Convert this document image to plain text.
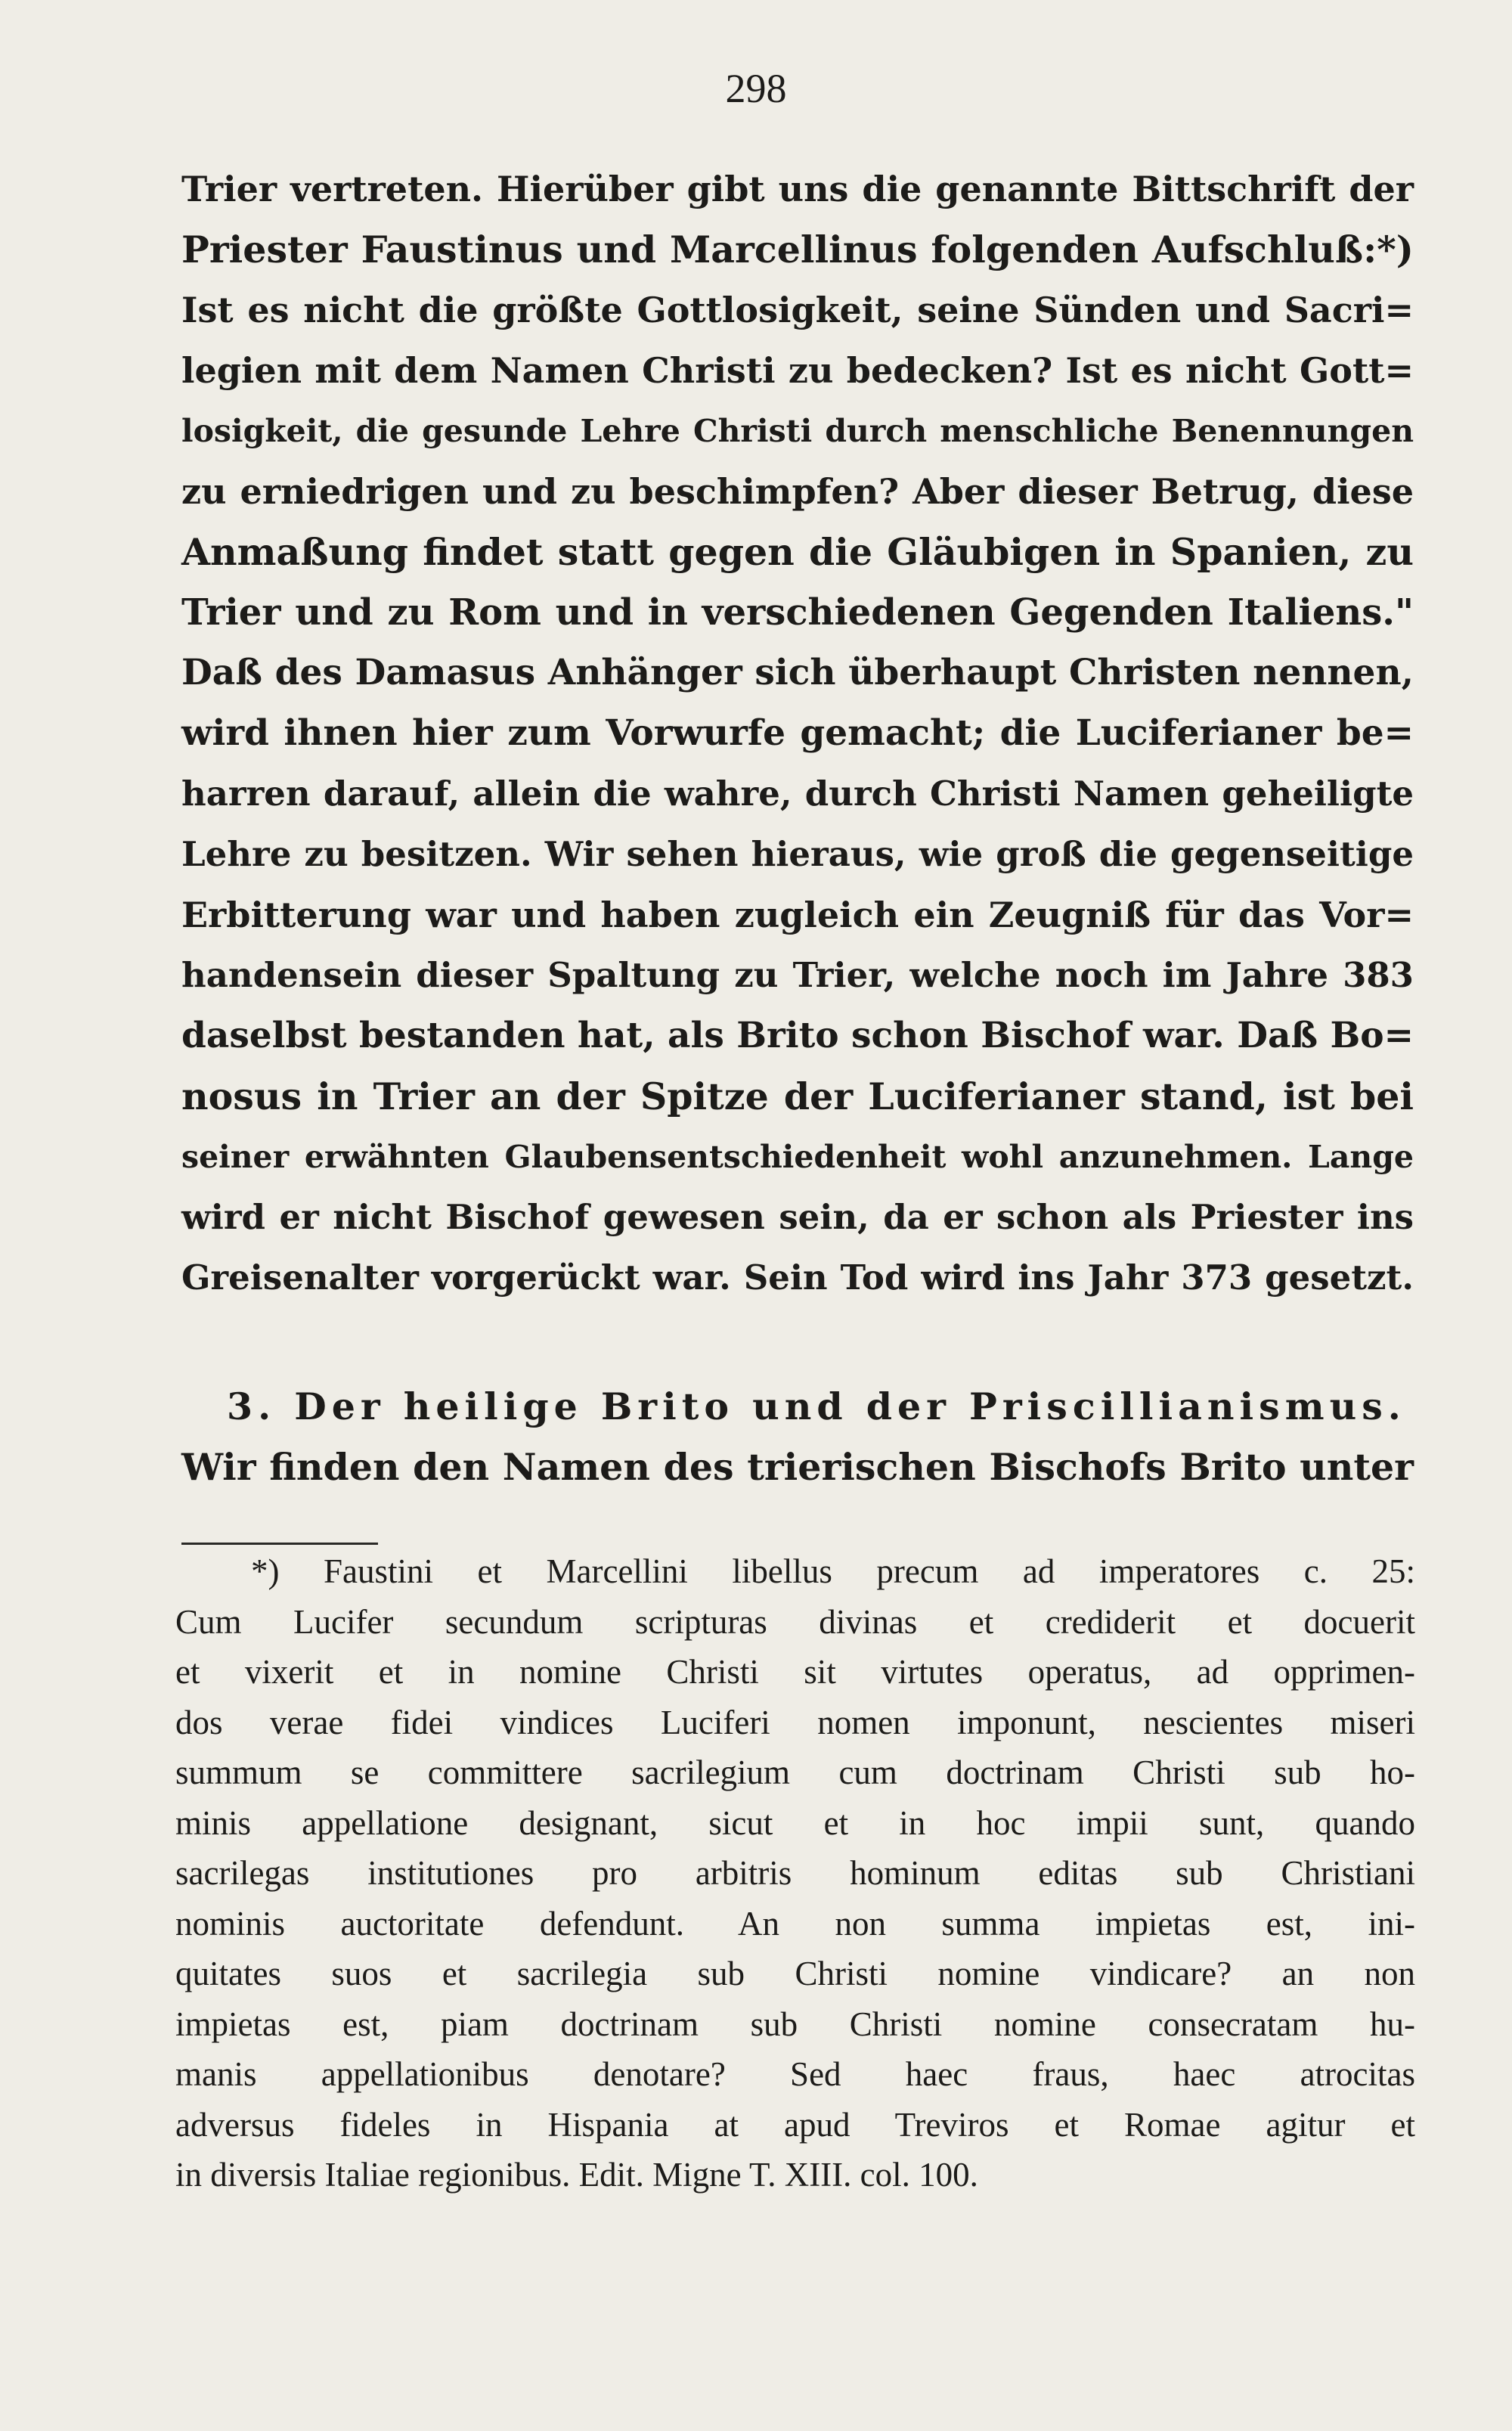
298
Trier vertreten. Hierüber gibt uns die genannte Bittschrift der
Priester Faustinus und Marcellinus folgenden Aufschluß:*)
Ist es nicht die größte Gottlosigkeit, seine Sünden und Sacri=
legien mit dem Namen Christi zu bedecken? Ist es nicht Gott=
losigkeit, die gesunde Lehre Christi durch menschliche Benennungen
zu erniedrigen und zu beschimpfen? Aber dieser Betrug, diese
Anmaßung findet statt gegen die Gläubigen in Spanien, zu
Trier und zu Rom und in verschiedenen Gegenden Italiens."
Daß des Damasus Anhänger sich überhaupt Christen nennen,
wird ihnen hier zum Vorwurfe gemacht; die Luciferianer be=
harren darauf, allein die wahre, durch Christi Namen geheiligte
Lehre zu besitzen. Wir sehen hieraus, wie groß die gegenseitige
Erbitterung war und haben zugleich ein Zeugniß für das Vor=
handensein dieser Spaltung zu Trier, welche noch im Jahre 383
daselbst bestanden hat, als Brito schon Bischof war. Daß Bo=
nosus in Trier an der Spitze der Luciferianer stand, ist bei
seiner erwähnten Glaubensentschiedenheit wohl anzunehmen. Lange
wird er nicht Bischof gewesen sein, da er schon als Priester ins
Greisenalter vorgerückt war. Sein Tod wird ins Jahr 373 gesetzt.
3. Der heilige Brito und der Priscillianismus.
Wir finden den Namen des trierischen Bischofs Brito unter
*) Faustini et Marcellini libellus precum ad imperatores c. 25:
Cum Lucifer secundum scripturas divinas et crediderit et docuerit
et vixerit et in nomine Christi sit virtutes operatus, ad opprimen-
dos verae fidei vindices Luciferi nomen imponunt, nescientes miseri
summum se committere sacrilegium cum doctrinam Christi sub ho-
minis appellatione designant, sicut et in hoc impii sunt, quando
sacrilegas institutiones pro arbitris hominum editas sub Christiani
nominis auctoritate defendunt. An non summa impietas est, ini-
quitates suos et sacrilegia sub Christi nomine vindicare? an non
impietas est, piam doctrinam sub Christi nomine consecratam hu-
manis appellationibus denotare? Sed haec fraus, haec atrocitas
adversus fideles in Hispania at apud Treviros et Romae agitur et
in diversis Italiae regionibus. Edit. Migne T. XIII. col. 100.
